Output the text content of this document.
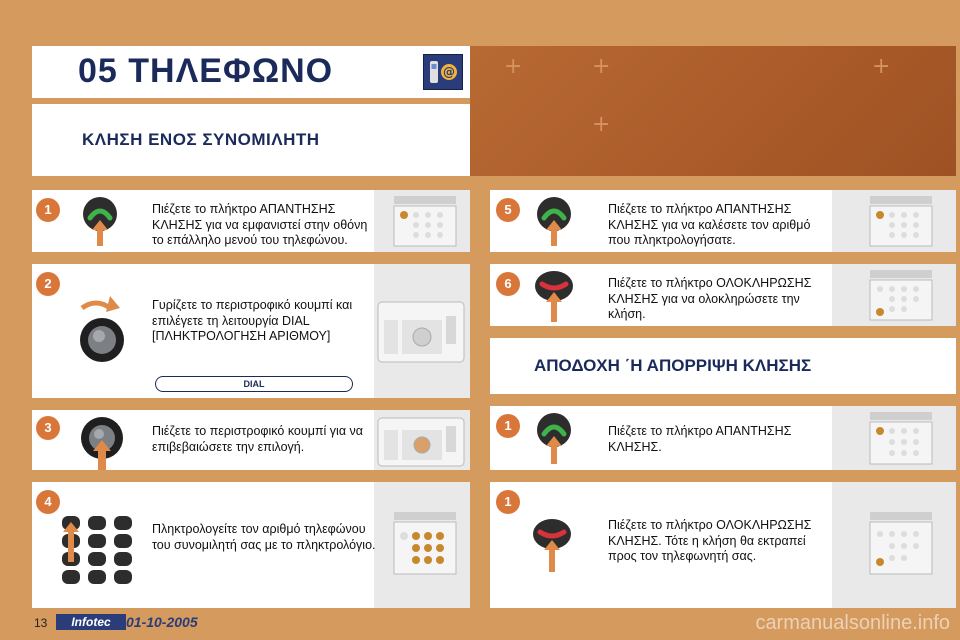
+	+	+
+
05 ΤΗΛΕΦΩΝΟ	@
ΚΛΗΣΗ ΕΝΟΣ ΣΥΝΟΜΙΛΗΤΗ
1	Πιέζετε το πλήκτρο ΑΠΑΝΤΗΣΗΣ ΚΛΗΣΗΣ για να εμφανιστεί στην οθόνη το επάλληλο μενού του τηλεφώνου.
2
Γυρίζετε το περιστροφικό κουμπί και επιλέγετε τη λειτουργία DIAL [ΠΛΗΚΤΡΟΛΟΓΗΣΗ ΑΡΙΘΜΟΥ]
DIAL
3	Πιέζετε το περιστροφικό κουμπί για να επιβεβαιώσετε την επιλογή.
4
Πληκτρολογείτε τον αριθμό τηλεφώνου του συνομιλητή σας με το πληκτρολόγιο.
5	Πιέζετε το πλήκτρο ΑΠΑΝΤΗΣΗΣ ΚΛΗΣΗΣ για να καλέσετε τον αριθμό που πληκτρολογήσατε.
6	Πιέζετε το πλήκτρο ΟΛΟΚΛΗΡΩΣΗΣ ΚΛΗΣΗΣ για να ολοκληρώσετε την κλήση.
ΑΠΟΔΟΧΗ ΄Η ΑΠΟΡΡΙΨΗ ΚΛΗΣΗΣ
1	Πιέζετε το πλήκτρο ΑΠΑΝΤΗΣΗΣ ΚΛΗΣΗΣ.
1
Πιέζετε το πλήκτρο ΟΛΟΚΛΗΡΩΣΗΣ ΚΛΗΣΗΣ. Τότε η κλήση θα εκτραπεί προς τον τηλεφωνητή σας.
13	Infotec	01-10-2005	carmanualsonline.info
